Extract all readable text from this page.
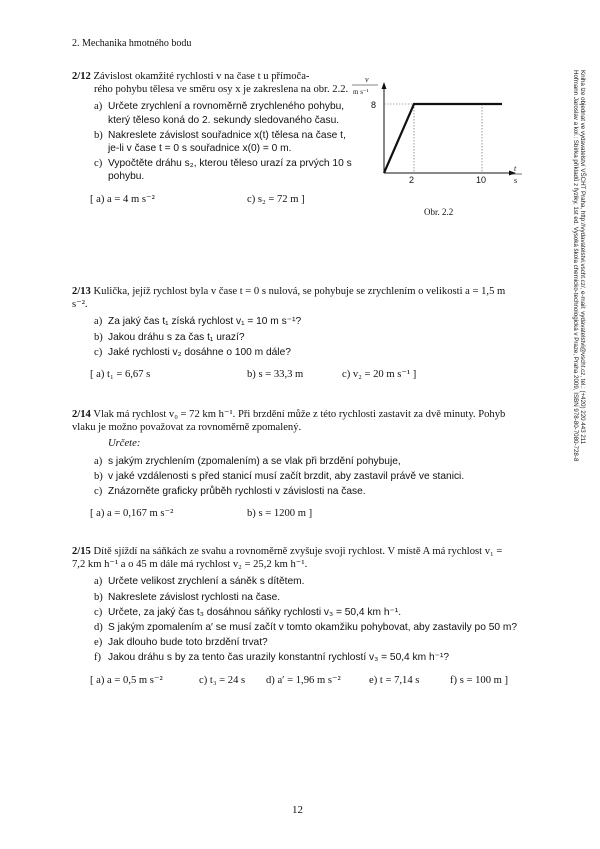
2. Mechanika hmotného bodu
Hofmann Jaroslav a kol.: Sbírka příkladů z fyziky, 1st ed. Vysoká škola chemicko-technologická v Praze, Praha 2009, ISBN 978-80-7080-728-8 Kniha lze objednat ve vydavatelství VŠCHT Praha, http://vydavatelstvi.vscht.cz/, e-mail: vydavatelstvi@vscht.cz, tel.: (+420) 220 443 211
v
m s⁻¹
8
2	10
t
s
Obr. 2.2
2/12 Závislost okamžité rychlosti v na čase t u přímoča-
rého pohybu tělesa ve směru osy x je zakreslena na obr. 2.2.
a) Určete zrychlení a rovnoměrně zrychleného pohybu, který těleso koná do 2. sekundy sledovaného času.
b) Nakreslete závislost souřadnice x(t) tělesa na čase t, je-li v čase t = 0 s souřadnice x(0) = 0 m.
c) Vypočtěte dráhu s₂, kterou těleso urazí za prvých 10 s pohybu.
[ a) a = 4 m s⁻²	c) s₂ = 72 m ]
2/13 Kulička, jejíž rychlost byla v čase t = 0 s nulová, se pohybuje se zrychlením o velikosti a = 1,5 m s⁻².
a) Za jaký čas t₁ získá rychlost v₁ = 10 m s⁻¹?
b) Jakou dráhu s za čas t₁ urazí?
c) Jaké rychlosti v₂ dosáhne o 100 m dále?
[ a) t₁ = 6,67 s	b) s = 33,3 m	c) v₂ = 20 m s⁻¹ ]
2/14 Vlak má rychlost v₀ = 72 km h⁻¹. Při brzdění může z této rychlosti zastavit za dvě minuty. Pohyb vlaku je možno považovat za rovnoměrně zpomalený.
Určete:
a) s jakým zrychlením (zpomalením) a se vlak při brzdění pohybuje,
b) v jaké vzdálenosti s před stanicí musí začít brzdit, aby zastavil právě ve stanici.
c) Znázorněte graficky průběh rychlosti v závislosti na čase.
[ a) a = 0,167 m s⁻²	b) s = 1200 m ]
2/15 Dítě sjíždí na sáňkách ze svahu a rovnoměrně zvyšuje svoji rychlost. V místě A má rychlost v₁ = 7,2 km h⁻¹ a o 45 m dále má rychlost v₂ = 25,2 km h⁻¹.
a) Určete velikost zrychlení a sáněk s dítětem.
b) Nakreslete závislost rychlosti na čase.
c) Určete, za jaký čas t₃ dosáhnou sáňky rychlosti v₃ = 50,4 km h⁻¹.
d) S jakým zpomalením a′ se musí začít v tomto okamžiku pohybovat, aby zastavily po 50 m?
e) Jak dlouho bude toto brzdění trvat?
f) Jakou dráhu s by za tento čas urazily konstantní rychlostí v₃ = 50,4 km h⁻¹?
[ a) a = 0,5 m s⁻²	c) t₃ = 24 s d) a′ = 1,96 m s⁻²	e) t = 7,14 s	f) s = 100 m ]
12
